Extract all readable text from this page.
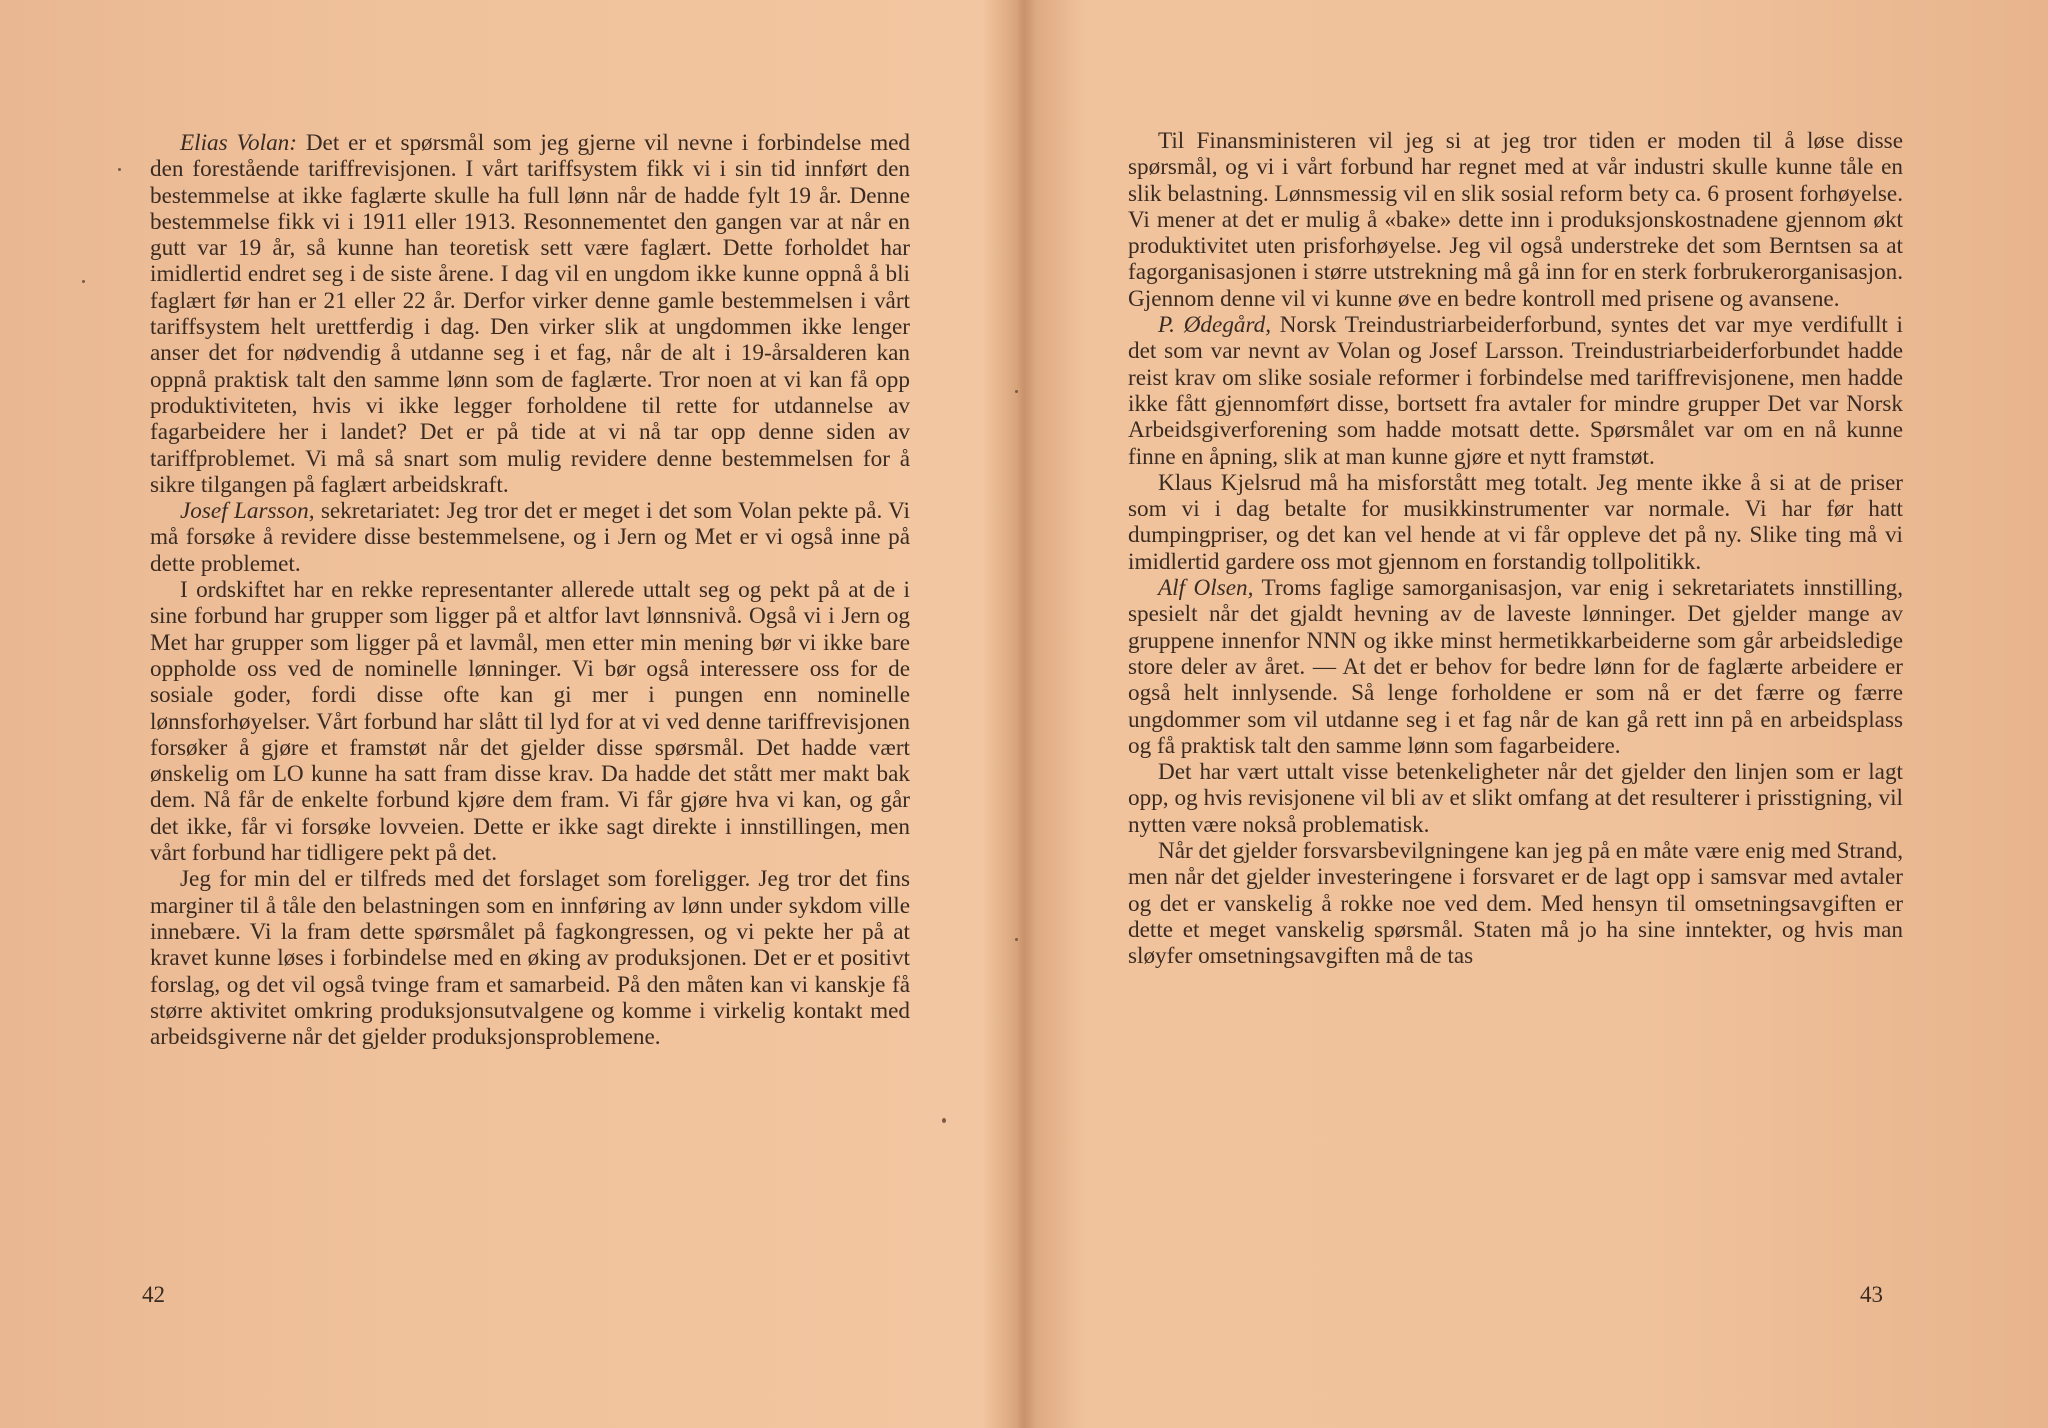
Elias Volan: Det er et spørsmål som jeg gjerne vil nevne i forbindelse med den forestående tariffrevisjonen. I vårt tariffsystem fikk vi i sin tid innført den bestemmelse at ikke faglærte skulle ha full lønn når de hadde fylt 19 år. Denne bestemmelse fikk vi i 1911 eller 1913. Resonnementet den gangen var at når en gutt var 19 år, så kunne han teoretisk sett være faglært. Dette forholdet har imidlertid endret seg i de siste årene. I dag vil en ungdom ikke kunne oppnå å bli faglært før han er 21 eller 22 år. Derfor virker denne gamle bestemmelsen i vårt tariffsystem helt urettferdig i dag. Den virker slik at ungdommen ikke lenger anser det for nødvendig å utdanne seg i et fag, når de alt i 19-årsalderen kan oppnå praktisk talt den samme lønn som de faglærte. Tror noen at vi kan få opp produktiviteten, hvis vi ikke legger forholdene til rette for utdannelse av fagarbeidere her i landet? Det er på tide at vi nå tar opp denne siden av tariffproblemet. Vi må så snart som mulig revidere denne bestemmelsen for å sikre tilgangen på faglært arbeidskraft.

Josef Larsson, sekretariatet: Jeg tror det er meget i det som Volan pekte på. Vi må forsøke å revidere disse bestemmelsene, og i Jern og Met er vi også inne på dette problemet.

I ordskiftet har en rekke representanter allerede uttalt seg og pekt på at de i sine forbund har grupper som ligger på et altfor lavt lønnsnivå. Også vi i Jern og Met har grupper som ligger på et lavmål, men etter min mening bør vi ikke bare oppholde oss ved de nominelle lønninger. Vi bør også interessere oss for de sosiale goder, fordi disse ofte kan gi mer i pungen enn nominelle lønnsforhøyelser. Vårt forbund har slått til lyd for at vi ved denne tariffrevisjonen forsøker å gjøre et framstøt når det gjelder disse spørsmål. Det hadde vært ønskelig om LO kunne ha satt fram disse krav. Da hadde det stått mer makt bak dem. Nå får de enkelte forbund kjøre dem fram. Vi får gjøre hva vi kan, og går det ikke, får vi forsøke lovveien. Dette er ikke sagt direkte i innstillingen, men vårt forbund har tidligere pekt på det.

Jeg for min del er tilfreds med det forslaget som foreligger. Jeg tror det fins marginer til å tåle den belastningen som en innføring av lønn under sykdom ville innebære. Vi la fram dette spørsmålet på fagkongressen, og vi pekte her på at kravet kunne løses i forbindelse med en øking av produksjonen. Det er et positivt forslag, og det vil også tvinge fram et samarbeid. På den måten kan vi kanskje få større aktivitet omkring produksjonsutvalgene og komme i virkelig kontakt med arbeidsgiverne når det gjelder produksjonsproblemene.

42

Til Finansministeren vil jeg si at jeg tror tiden er moden til å løse disse spørsmål, og vi i vårt forbund har regnet med at vår industri skulle kunne tåle en slik belastning. Lønnsmessig vil en slik sosial reform bety ca. 6 prosent forhøyelse. Vi mener at det er mulig å «bake» dette inn i produksjonskostnadene gjennom økt produktivitet uten prisforhøyelse. Jeg vil også understreke det som Berntsen sa at fagorganisasjonen i større utstrekning må gå inn for en sterk forbrukerorganisasjon. Gjennom denne vil vi kunne øve en bedre kontroll med prisene og avansene.

P. Ødegård, Norsk Treindustriarbeiderforbund, syntes det var mye verdifullt i det som var nevnt av Volan og Josef Larsson. Treindustriarbeiderforbundet hadde reist krav om slike sosiale reformer i forbindelse med tariffrevisjonene, men hadde ikke fått gjennomført disse, bortsett fra avtaler for mindre grupper Det var Norsk Arbeidsgiverforening som hadde motsatt dette. Spørsmålet var om en nå kunne finne en åpning, slik at man kunne gjøre et nytt framstøt.

Klaus Kjelsrud må ha misforstått meg totalt. Jeg mente ikke å si at de priser som vi i dag betalte for musikkinstrumenter var normale. Vi har før hatt dumpingpriser, og det kan vel hende at vi får oppleve det på ny. Slike ting må vi imidlertid gardere oss mot gjennom en forstandig tollpolitikk.

Alf Olsen, Troms faglige samorganisasjon, var enig i sekretariatets innstilling, spesielt når det gjaldt hevning av de laveste lønninger. Det gjelder mange av gruppene innenfor NNN og ikke minst hermetikkarbeiderne som går arbeidsledige store deler av året. — At det er behov for bedre lønn for de faglærte arbeidere er også helt innlysende. Så lenge forholdene er som nå er det færre og færre ungdommer som vil utdanne seg i et fag når de kan gå rett inn på en arbeidsplass og få praktisk talt den samme lønn som fagarbeidere.

Det har vært uttalt visse betenkeligheter når det gjelder den linjen som er lagt opp, og hvis revisjonene vil bli av et slikt omfang at det resulterer i prisstigning, vil nytten være nokså problematisk.

Når det gjelder forsvarsbevilgningene kan jeg på en måte være enig med Strand, men når det gjelder investeringene i forsvaret er de lagt opp i samsvar med avtaler og det er vanskelig å rokke noe ved dem. Med hensyn til omsetningsavgiften er dette et meget vanskelig spørsmål. Staten må jo ha sine inntekter, og hvis man sløyfer omsetningsavgiften må de tas

43
